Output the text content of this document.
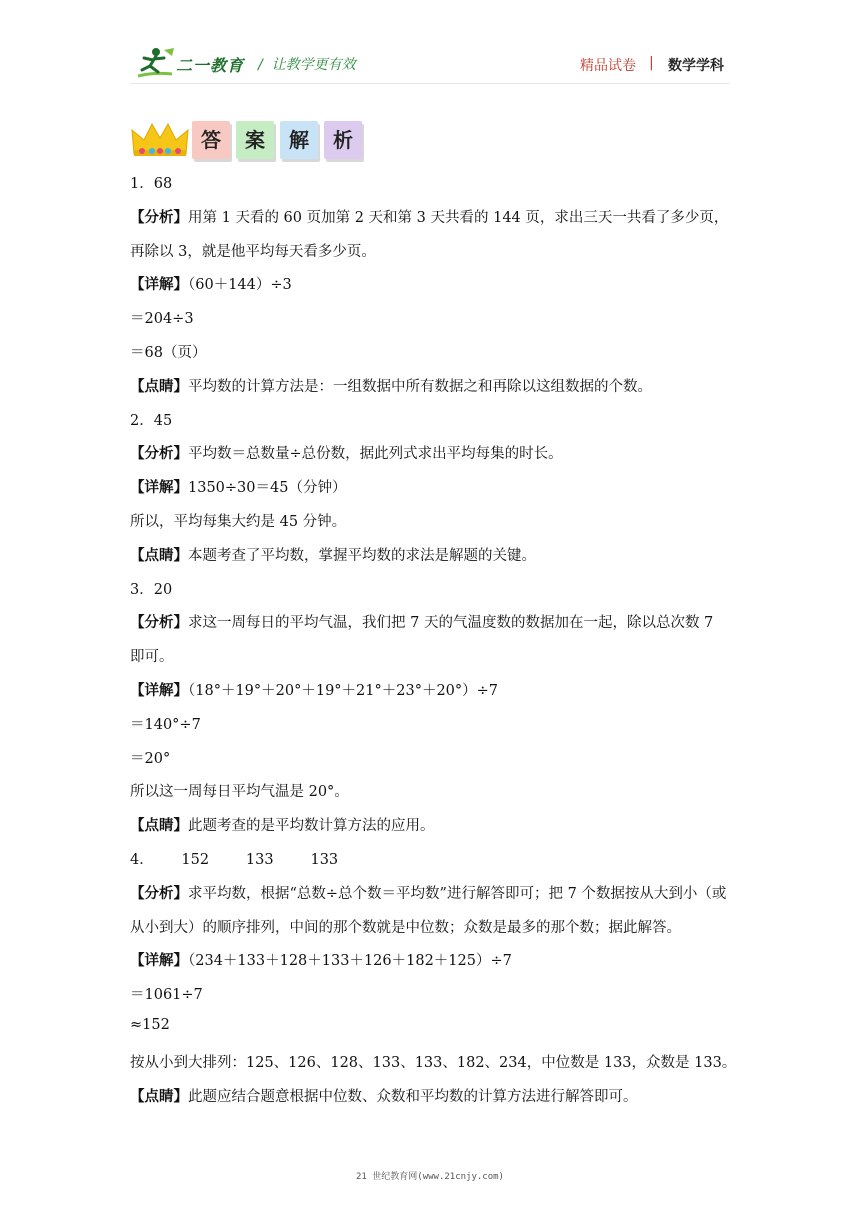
二一教育 /  让教学更有效	精品试卷 | 数学学科
答	案	解	析
1．68
【分析】用第 1 天看的 60 页加第 2 天和第 3 天共看的 144 页，求出三天一共看了多少页，
再除以 3，就是他平均每天看多少页。
【详解】（60＋144）÷3
＝204÷3
＝68（页）
【点睛】平均数的计算方法是：一组数据中所有数据之和再除以这组数据的个数。
2．45
【分析】平均数＝总数量÷总份数，据此列式求出平均每集的时长。
【详解】1350÷30＝45（分钟）
所以，平均每集大约是 45 分钟。
【点睛】本题考查了平均数，掌握平均数的求法是解题的关键。
3．20
【分析】求这一周每日的平均气温，我们把 7 天的气温度数的数据加在一起，除以总次数 7
即可。
【详解】（18°＋19°＋20°＋19°＋21°＋23°＋20°）÷7
＝140°÷7
＝20°
所以这一周每日平均气温是 20°。
【点睛】此题考查的是平均数计算方法的应用。
4．      152        133        133
【分析】求平均数，根据“总数÷总个数＝平均数”进行解答即可；把 7 个数据按从大到小（或
从小到大）的顺序排列，中间的那个数就是中位数；众数是最多的那个数；据此解答。
【详解】（234＋133＋128＋133＋126＋182＋125）÷7
＝1061÷7
≈152
按从小到大排列：125、126、128、133、133、182、234，中位数是 133，众数是 133。
【点睛】此题应结合题意根据中位数、众数和平均数的计算方法进行解答即可。
21 世纪教育网(www.21cnjy.com)
